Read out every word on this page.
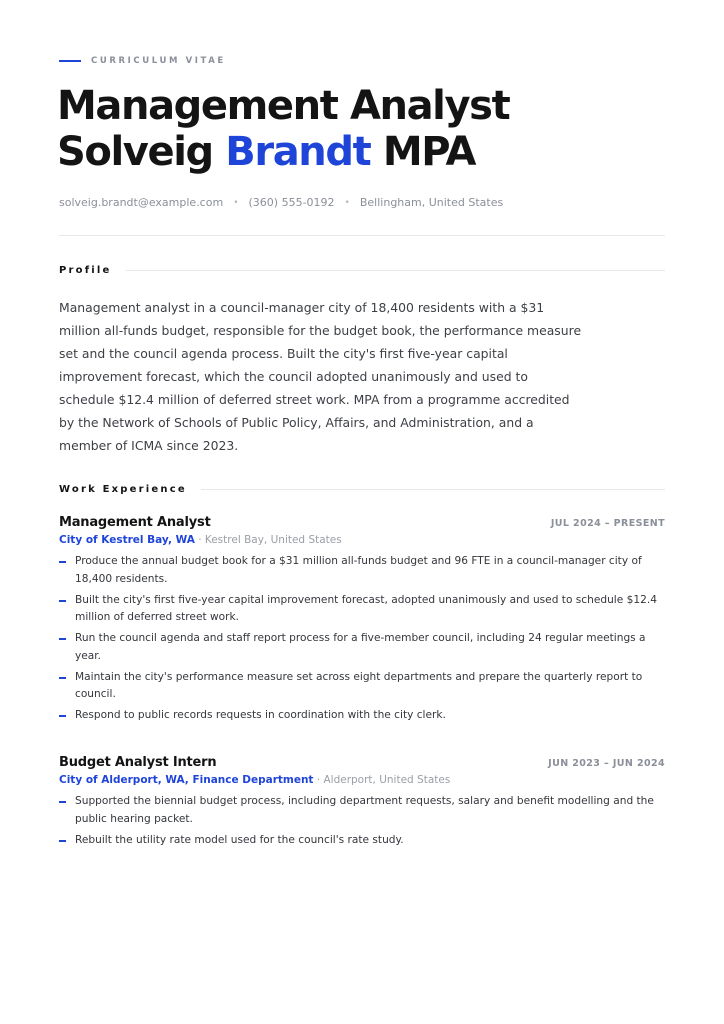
CURRICULUM VITAE
Management Analyst
Solveig Brandt MPA
solveig.brandt@example.com • (360) 555-0192 • Bellingham, United States
Profile
Management analyst in a council-manager city of 18,400 residents with a $31 million all-funds budget, responsible for the budget book, the performance measure set and the council agenda process. Built the city's first five-year capital improvement forecast, which the council adopted unanimously and used to schedule $12.4 million of deferred street work. MPA from a programme accredited by the Network of Schools of Public Policy, Affairs, and Administration, and a member of ICMA since 2023.
Work Experience
Management Analyst	JUL 2024 – PRESENT
City of Kestrel Bay, WA · Kestrel Bay, United States
Produce the annual budget book for a $31 million all-funds budget and 96 FTE in a council-manager city of 18,400 residents.
Built the city's first five-year capital improvement forecast, adopted unanimously and used to schedule $12.4 million of deferred street work.
Run the council agenda and staff report process for a five-member council, including 24 regular meetings a year.
Maintain the city's performance measure set across eight departments and prepare the quarterly report to council.
Respond to public records requests in coordination with the city clerk.
Budget Analyst Intern	JUN 2023 – JUN 2024
City of Alderport, WA, Finance Department · Alderport, United States
Supported the biennial budget process, including department requests, salary and benefit modelling and the public hearing packet.
Rebuilt the utility rate model used for the council's rate study.
